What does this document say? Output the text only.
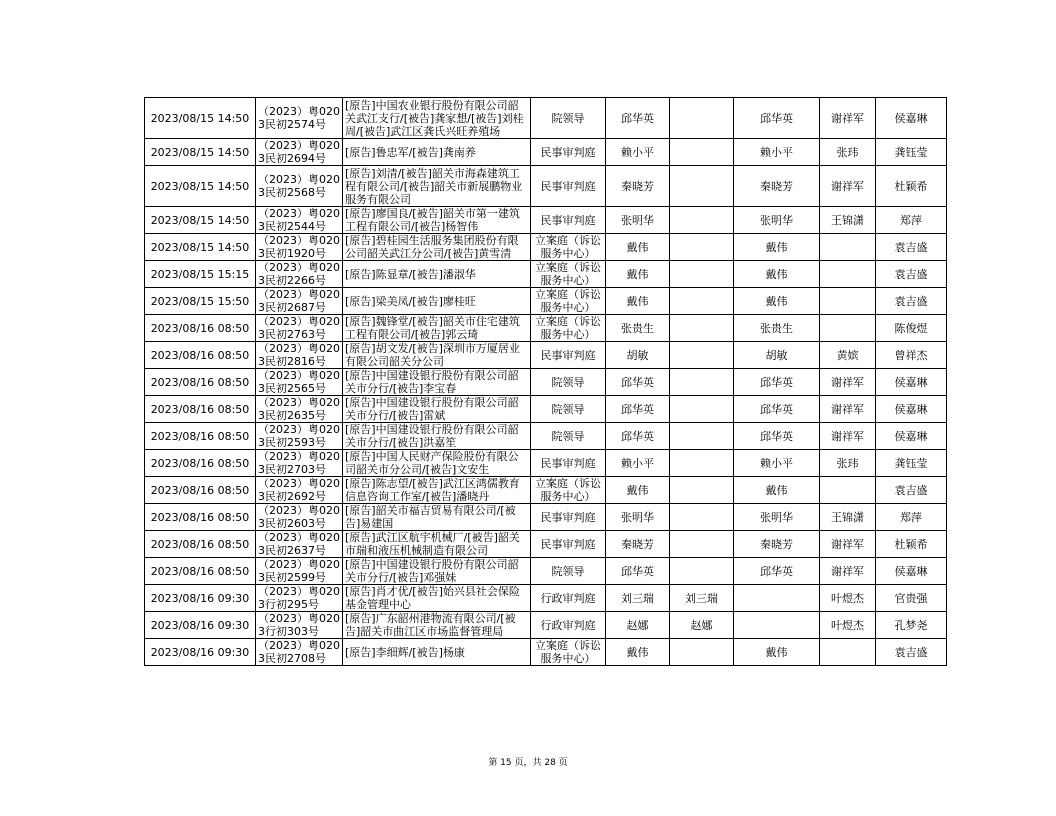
2023/08/15 14:50	（2023）粤0203民初2574号	[原告]中国农业银行股份有限公司韶关武江支行/[被告]龚家想/[被告]刘桂周/[被告]武江区龚氏兴旺养殖场	院领导	邱华英		邱华英	谢祥军	侯嘉琳
2023/08/15 14:50	（2023）粤0203民初2694号	[原告]鲁忠军/[被告]龚南养	民事审判庭	赖小平		赖小平	张玮	龚钰莹
2023/08/15 14:50	（2023）粤0203民初2568号	[原告]刘清/[被告]韶关市海森建筑工程有限公司/[被告]韶关市新展鹏物业服务有限公司	民事审判庭	秦晓芳		秦晓芳	谢祥军	杜颖希
2023/08/15 14:50	（2023）粤0203民初2544号	[原告]廖国良/[被告]韶关市第一建筑工程有限公司/[被告]杨智伟	民事审判庭	张明华		张明华	王锦潇	郑萍
2023/08/15 14:50	（2023）粤0203民初1920号	[原告]碧桂园生活服务集团股份有限公司韶关武江分公司/[被告]黄雪清	立案庭（诉讼服务中心）	戴伟		戴伟		袁吉盛
2023/08/15 15:15	（2023）粤0203民初2266号	[原告]陈显章/[被告]潘淑华	立案庭（诉讼服务中心）	戴伟		戴伟		袁吉盛
2023/08/15 15:50	（2023）粤0203民初2687号	[原告]梁美凤/[被告]廖桂旺	立案庭（诉讼服务中心）	戴伟		戴伟		袁吉盛
2023/08/16 08:50	（2023）粤0203民初2763号	[原告]魏锋堂/[被告]韶关市住宅建筑工程有限公司/[被告]郭云琦	立案庭（诉讼服务中心）	张贵生		张贵生		陈俊煜
2023/08/16 08:50	（2023）粤0203民初2816号	[原告]胡文发/[被告]深圳市万厦居业有限公司韶关分公司	民事审判庭	胡敏		胡敏	黄嫔	曾祥杰
2023/08/16 08:50	（2023）粤0203民初2565号	[原告]中国建设银行股份有限公司韶关市分行/[被告]李宝春	院领导	邱华英		邱华英	谢祥军	侯嘉琳
2023/08/16 08:50	（2023）粤0203民初2635号	[原告]中国建设银行股份有限公司韶关市分行/[被告]雷斌	院领导	邱华英		邱华英	谢祥军	侯嘉琳
2023/08/16 08:50	（2023）粤0203民初2593号	[原告]中国建设银行股份有限公司韶关市分行/[被告]洪嘉笙	院领导	邱华英		邱华英	谢祥军	侯嘉琳
2023/08/16 08:50	（2023）粤0203民初2703号	[原告]中国人民财产保险股份有限公司韶关市分公司/[被告]文安生	民事审判庭	赖小平		赖小平	张玮	龚钰莹
2023/08/16 08:50	（2023）粤0203民初2692号	[原告]陈志望/[被告]武江区鸿儒教育信息咨询工作室/[被告]潘晓丹	立案庭（诉讼服务中心）	戴伟		戴伟		袁吉盛
2023/08/16 08:50	（2023）粤0203民初2603号	[原告]韶关市福吉贸易有限公司/[被告]易建国	民事审判庭	张明华		张明华	王锦潇	郑萍
2023/08/16 08:50	（2023）粤0203民初2637号	[原告]武江区航宇机械厂/[被告]韶关市瑞和液压机械制造有限公司	民事审判庭	秦晓芳		秦晓芳	谢祥军	杜颖希
2023/08/16 08:50	（2023）粤0203民初2599号	[原告]中国建设银行股份有限公司韶关市分行/[被告]邓强妹	院领导	邱华英		邱华英	谢祥军	侯嘉琳
2023/08/16 09:30	（2023）粤0203行初295号	[原告]肖才优/[被告]始兴县社会保险基金管理中心	行政审判庭	刘三瑞	刘三瑞		叶煜杰	官贵强
2023/08/16 09:30	（2023）粤0203行初303号	[原告]广东韶州港物流有限公司/[被告]韶关市曲江区市场监督管理局	行政审判庭	赵娜	赵娜		叶煜杰	孔梦尧
2023/08/16 09:30	（2023）粤0203民初2708号	[原告]李细辉/[被告]杨康	立案庭（诉讼服务中心）	戴伟		戴伟		袁吉盛
第 15 页，共 28 页
